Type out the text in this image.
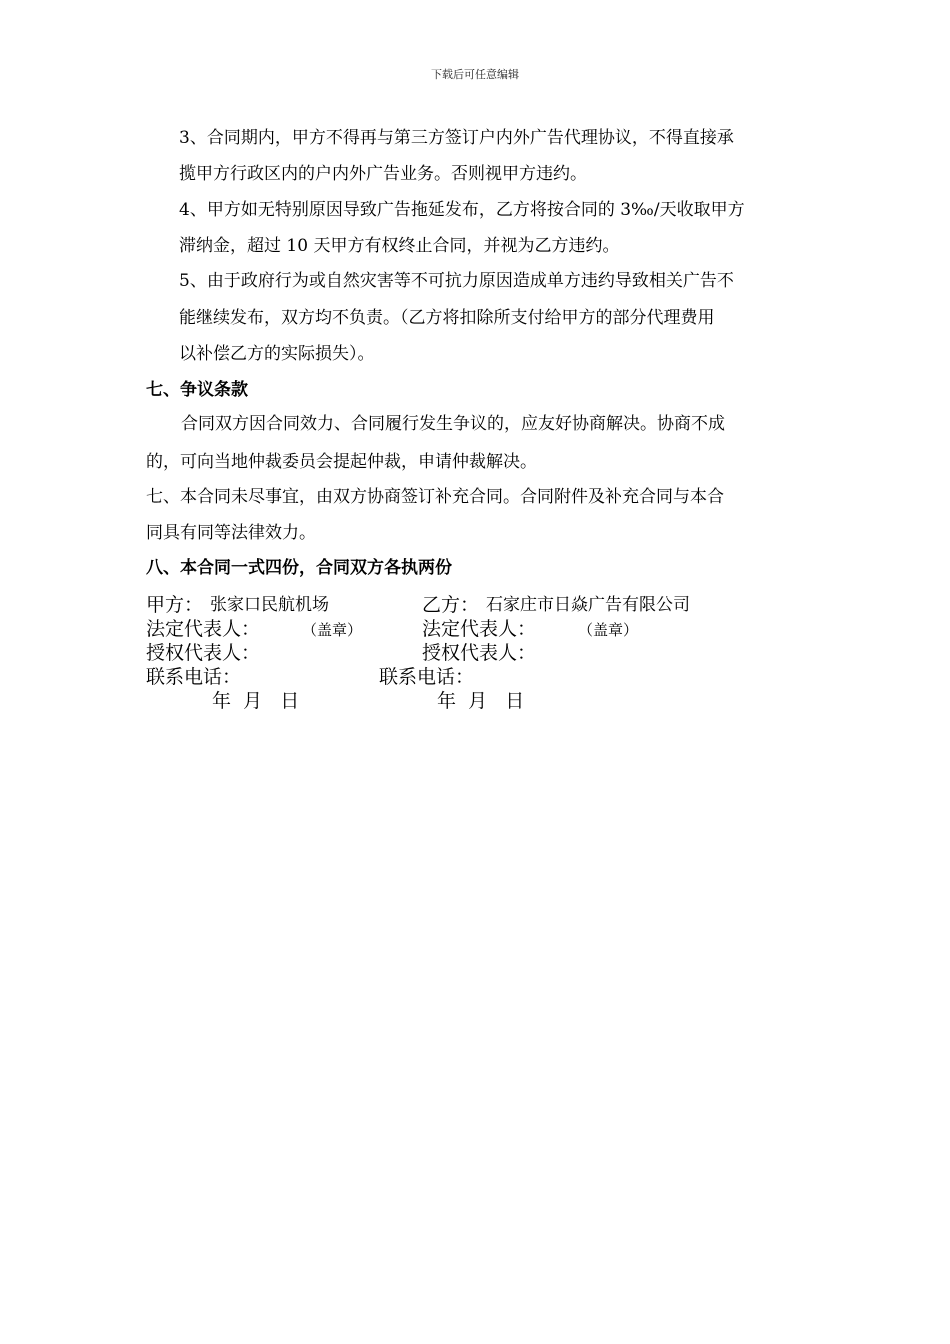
下载后可任意编辑
3、合同期内，甲方不得再与第三方签订户内外广告代理协议，不得直接承
揽甲方行政区内的户内外广告业务。否则视甲方违约。
4、甲方如无特别原因导致广告拖延发布，乙方将按合同的 3‰/天收取甲方
滞纳金，超过 10 天甲方有权终止合同，并视为乙方违约。
5、由于政府行为或自然灾害等不可抗力原因造成单方违约导致相关广告不
能继续发布，双方均不负责。（乙方将扣除所支付给甲方的部分代理费用
以补偿乙方的实际损失）。
七、争议条款
合同双方因合同效力、合同履行发生争议的，应友好协商解决。协商不成
的，可向当地仲裁委员会提起仲裁，申请仲裁解决。
七、本合同未尽事宜，由双方协商签订补充合同。合同附件及补充合同与本合
同具有同等法律效力。
八、本合同一式四份，合同双方各执两份
甲方： 张家口民航机场	乙方： 石家庄市日焱广告有限公司
法定代表人：	（盖章）	法定代表人：	（盖章）
授权代表人：	授权代表人：
联系电话：	联系电话：
年  月   日	年  月   日
